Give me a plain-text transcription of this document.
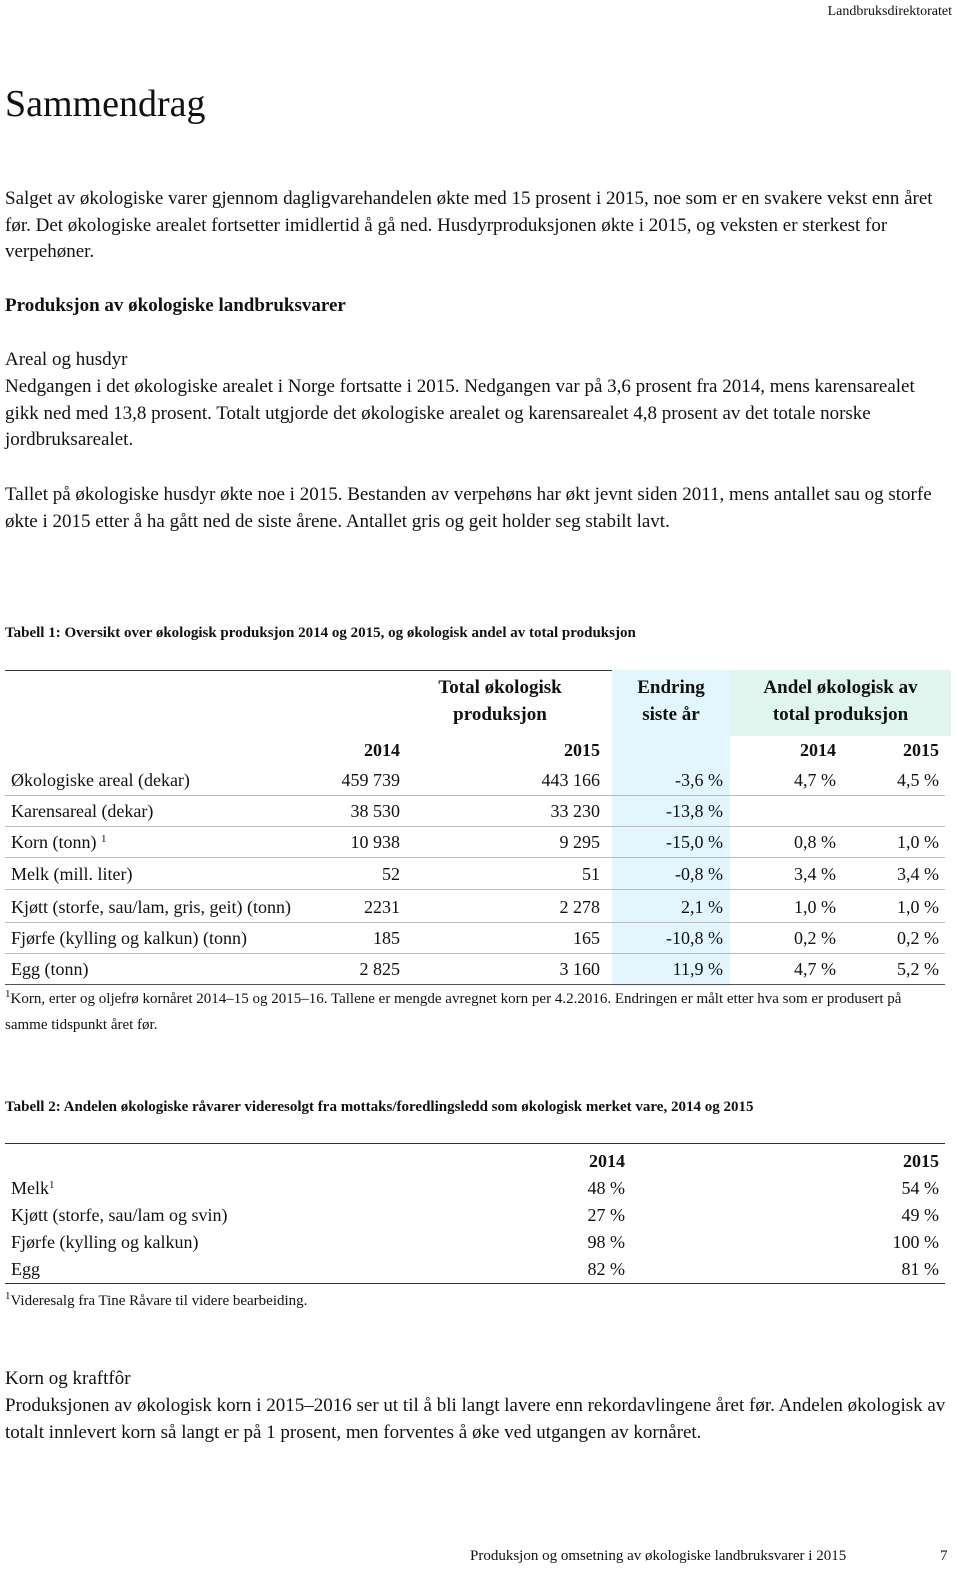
Landbruksdirektoratet
Sammendrag

Salget av økologiske varer gjennom dagligvarehandelen økte med 15 prosent i 2015, noe som er en svakere vekst enn året før. Det økologiske arealet fortsetter imidlertid å gå ned. Husdyrproduksjonen økte i 2015, og veksten er sterkest for verpehøner.

Produksjon av økologiske landbruksvarer

Areal og husdyr

Nedgangen i det økologiske arealet i Norge fortsatte i 2015. Nedgangen var på 3,6 prosent fra 2014, mens karensarealet gikk ned med 13,8 prosent. Totalt utgjorde det økologiske arealet og karensarealet 4,8 prosent av det totale norske jordbruksarealet.

Tallet på økologiske husdyr økte noe i 2015. Bestanden av verpehøns har økt jevnt siden 2011, mens antallet sau og storfe økte i 2015 etter å ha gått ned de siste årene. Antallet gris og geit holder seg stabilt lavt.

Tabell 1: Oversikt over økologisk produksjon 2014 og 2015, og økologisk andel av total produksjon

Total økologisk
produksjon
Endring
siste år
Andel økologisk av
total produksjon
2014	2015	2014	2015
Økologiske areal (dekar)	459 739	443 166	-3,6 %	4,7 %	4,5 %
Karensareal (dekar)	38 530	33 230	-13,8 %
Korn (tonn) $^1$	10 938	9 295	-15,0 %	0,8 %	1,0 %
Melk (mill. liter)	52	51	-0,8 %	3,4 %	3,4 %
Kjøtt (storfe, sau/lam, gris, geit) (tonn)	2231	2 278	2,1 %	1,0 %	1,0 %
Fjørfe (kylling og kalkun) (tonn)	185	165	-10,8 %	0,2 %	0,2 %
Egg (tonn)	2 825	3 160	11,9 %	4,7 %	5,2 %

$^1$Korn, erter og oljefrø kornåret 2014–15 og 2015–16. Tallene er mengde avregnet korn per 4.2.2016. Endringen er målt etter hva som er produsert på samme tidspunkt året før.

Tabell 2: Andelen økologiske råvarer videresolgt fra mottaks/foredlingsledd som økologisk merket vare, 2014 og 2015

2014	2015
Melk$^1$	48 %	54 %
Kjøtt (storfe, sau/lam og svin)	27 %	49 %
Fjørfe (kylling og kalkun)	98 %	100 %
Egg	82 %	81 %

$^1$Videresalg fra Tine Råvare til videre bearbeiding.

Korn og kraftfôr

Produksjonen av økologisk korn i 2015–2016 ser ut til å bli langt lavere enn rekordavlingene året før. Andelen økologisk av totalt innlevert korn så langt er på 1 prosent, men forventes å øke ved utgangen av kornåret.

Produksjon og omsetning av økologiske landbruksvarer i 2015	7
